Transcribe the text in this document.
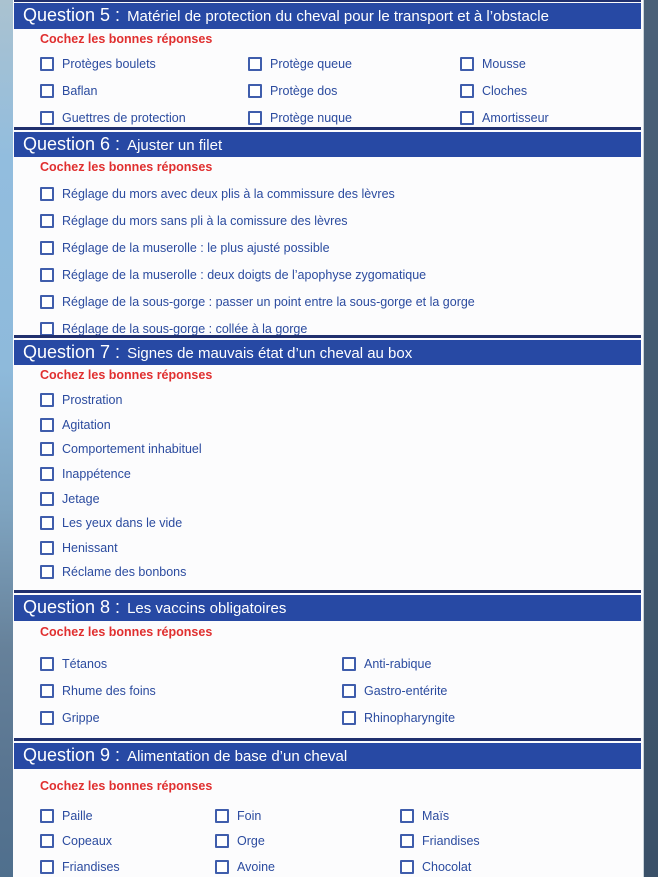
Question 5 : Matériel de protection du cheval pour le transport et à l’obstacle
Cochez les bonnes réponses
Protèges boulets
Baflan
Guettres de protection
Protège queue
Protège dos
Protège nuque
Mousse
Cloches
Amortisseur
Question 6 : Ajuster un filet
Cochez les bonnes réponses
Réglage du mors avec deux plis à la commissure des lèvres
Réglage du mors sans pli à la comissure des lèvres
Réglage de la muserolle : le plus ajusté possible
Réglage de la muserolle : deux doigts de l’apophyse zygomatique
Réglage de la sous-gorge : passer un point entre la sous-gorge et la gorge
Réglage de la sous-gorge : collée à la gorge
Question 7 : Signes de mauvais état d’un cheval au box
Cochez les bonnes réponses
Prostration
Agitation
Comportement inhabituel
Inappétence
Jetage
Les yeux dans le vide
Henissant
Réclame des bonbons
Question 8 : Les vaccins obligatoires
Cochez les bonnes réponses
Tétanos
Rhume des foins
Grippe
Anti-rabique
Gastro-entérite
Rhinopharyngite
Question 9 : Alimentation de base d’un cheval
Cochez les bonnes réponses
Paille
Copeaux
Friandises
Foin
Orge
Avoine
Maïs
Friandises
Chocolat
